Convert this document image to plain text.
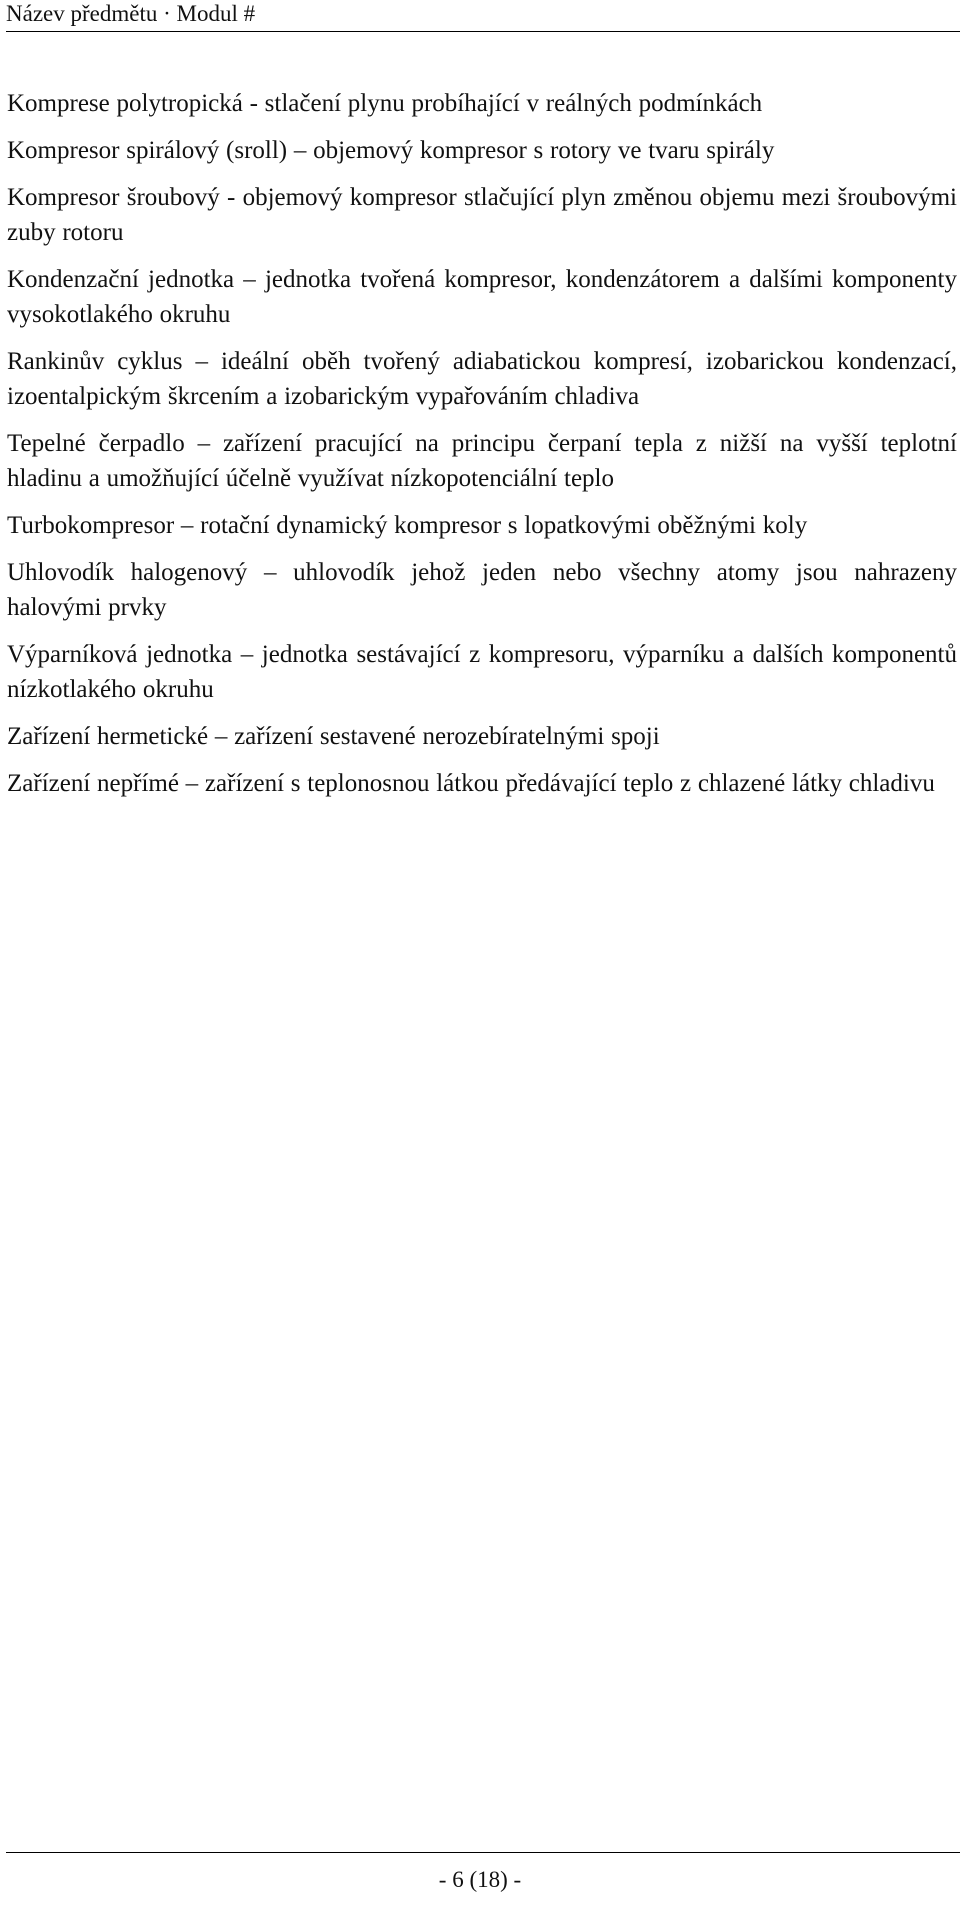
Název předmětu · Modul #

Komprese polytropická - stlačení plynu probíhající v reálných podmínkách

Kompresor spirálový (sroll) – objemový kompresor s rotory ve tvaru spirály

Kompresor šroubový - objemový kompresor stlačující plyn změnou objemu mezi šroubovými zuby rotoru

Kondenzační jednotka – jednotka tvořená kompresor, kondenzátorem a dalšími komponenty vysokotlakého okruhu

Rankinův cyklus – ideální oběh tvořený adiabatickou kompresí, izobarickou kondenzací, izoentalpickým škrcením a izobarickým vypařováním chladiva

Tepelné čerpadlo – zařízení pracující na principu čerpaní tepla z nižší na vyšší teplotní hladinu a umožňující účelně využívat nízkopotenciální teplo

Turbokompresor – rotační dynamický kompresor s lopatkovými oběžnými koly

Uhlovodík halogenový – uhlovodík jehož jeden nebo všechny atomy jsou nahrazeny halovými prvky

Výparníková jednotka – jednotka sestávající z kompresoru, výparníku a dalších komponentů nízkotlakého okruhu

Zařízení hermetické – zařízení sestavené nerozebíratelnými spoji

Zařízení nepřímé – zařízení s teplonosnou látkou předávající teplo z chlazené látky chladivu

- 6 (18) -
